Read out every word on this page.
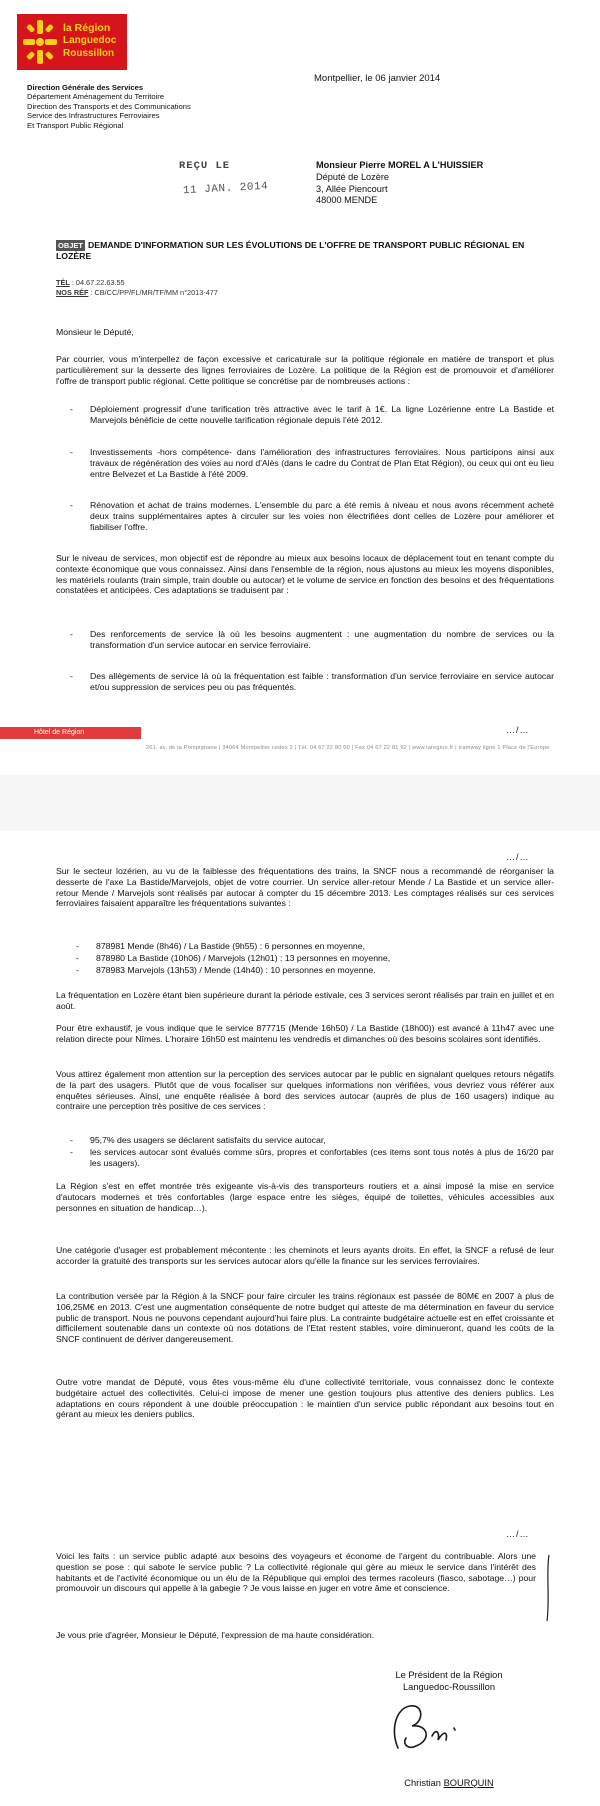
la Région
Languedoc
Roussillon
Direction Générale des Services
Département Aménagement du Territoire
Direction des Transports et des Communications
Service des Infrastructures Ferroviaires
Et Transport Public Régional
Montpellier, le 06 janvier 2014
REÇU LE
11 JAN. 2014
Monsieur Pierre MOREL A L'HUISSIER
Député de Lozère
3, Allée Piencourt
48000 MENDE
OBJET DEMANDE D'INFORMATION SUR LES ÉVOLUTIONS DE L'OFFRE DE TRANSPORT PUBLIC RÉGIONAL EN LOZÈRE
TÉL : 04.67.22.63.55
NOS RÉF : CB/CC/PP/FL/MR/TF/MM n°2013-477
Monsieur le Député,
Par courrier, vous m'interpellez de façon excessive et caricaturale sur la politique régionale en matière de transport et plus particulièrement sur la desserte des lignes ferroviaires de Lozère. La politique de la Région est de promouvoir et d'améliorer l'offre de transport public régional. Cette politique se concrétise par de nombreuses actions :
- Déploiement progressif d'une tarification très attractive avec le tarif à 1€. La ligne Lozérienne entre La Bastide et Marvejols bénéficie de cette nouvelle tarification régionale depuis l'été 2012.
- Investissements -hors compétence- dans l'amélioration des infrastructures ferroviaires. Nous participons ainsi aux travaux de régénération des voies au nord d'Alès (dans le cadre du Contrat de Plan Etat Région), ou ceux qui ont eu lieu entre Belvezet et La Bastide à l'été 2009.
- Rénovation et achat de trains modernes. L'ensemble du parc a été remis à niveau et nous avons récemment acheté deux trains supplémentaires aptes à circuler sur les voies non électrifiées dont celles de Lozère pour améliorer et fiabiliser l'offre.
Sur le niveau de services, mon objectif est de répondre au mieux aux besoins locaux de déplacement tout en tenant compte du contexte économique que vous connaissez. Ainsi dans l'ensemble de la région, nous ajustons au mieux les moyens disponibles, les matériels roulants (train simple, train double ou autocar) et le volume de service en fonction des besoins et des fréquentations constatées et anticipées. Ces adaptations se traduisent par :
- Des renforcements de service là où les besoins augmentent : une augmentation du nombre de services ou la transformation d'un service autocar en service ferroviaire.
- Des allègements de service là où la fréquentation est faible : transformation d'un service ferroviaire en service autocar et/ou suppression de services peu ou pas fréquentés.
…/…
Hôtel de Région
201, av. de la Pompignane | 34064 Montpellier cedex 2 | Tél. 04 67 22 80 00 | Fax 04 67 22 81 92 | www.laregion.fr | tramway ligne 1 Place de l'Europe
…/…
Sur le secteur lozérien, au vu de la faiblesse des fréquentations des trains, la SNCF nous a recommandé de réorganiser la desserte de l'axe La Bastide/Marvejols, objet de votre courrier. Un service aller-retour Mende / La Bastide et un service aller-retour Mende / Marvejols sont réalisés par autocar à compter du 15 décembre 2013. Les comptages réalisés sur ces services ferroviaires faisaient apparaître les fréquentations suivantes :
- 878981 Mende (8h46) / La Bastide (9h55) : 6 personnes en moyenne,
- 878980 La Bastide (10h06) / Marvejols (12h01) : 13 personnes en moyenne,
- 878983 Marvejols (13h53) / Mende (14h40) : 10 personnes en moyenne.
La fréquentation en Lozère étant bien supérieure durant la période estivale, ces 3 services seront réalisés par train en juillet et en août.
Pour être exhaustif, je vous indique que le service 877715 (Mende 16h50) / La Bastide (18h00)) est avancé à 11h47 avec une relation directe pour Nîmes. L'horaire 16h50 est maintenu les vendredis et dimanches où des besoins scolaires sont identifiés.
Vous attirez également mon attention sur la perception des services autocar par le public en signalant quelques retours négatifs de la part des usagers. Plutôt que de vous focaliser sur quelques informations non vérifiées, vous devriez vous référer aux enquêtes sérieuses. Ainsi, une enquête réalisée à bord des services autocar (auprès de plus de 160 usagers) indique au contraire une perception très positive de ces services :
- 95,7% des usagers se déclarent satisfaits du service autocar,
- les services autocar sont évalués comme sûrs, propres et confortables (ces items sont tous notés à plus de 16/20 par les usagers).
La Région s'est en effet montrée très exigeante vis-à-vis des transporteurs routiers et a ainsi imposé la mise en service d'autocars modernes et très confortables (large espace entre les sièges, équipé de toilettes, véhicules accessibles aux personnes en situation de handicap…).
Une catégorie d'usager est probablement mécontente : les cheminots et leurs ayants droits. En effet, la SNCF a refusé de leur accorder la gratuité des transports sur les services autocar alors qu'elle la finance sur les services ferroviaires.
La contribution versée par la Région à la SNCF pour faire circuler les trains régionaux est passée de 80M€ en 2007 à plus de 106,25M€ en 2013. C'est une augmentation conséquente de notre budget qui atteste de ma détermination en faveur du service public de transport. Nous ne pouvons cependant aujourd'hui faire plus. La contrainte budgétaire actuelle est en effet croissante et difficilement soutenable dans un contexte où nos dotations de l'Etat restent stables, voire diminueront, quand les coûts de la SNCF continuent de dériver dangereusement.
Outre votre mandat de Député, vous êtes vous-même élu d'une collectivité territoriale, vous connaissez donc le contexte budgétaire actuel des collectivités. Celui-ci impose de mener une gestion toujours plus attentive des deniers publics. Les adaptations en cours répondent à une double préoccupation : le maintien d'un service public répondant aux besoins tout en gérant au mieux les deniers publics.
…/…
Voici les faits : un service public adapté aux besoins des voyageurs et économe de l'argent du contribuable. Alors une question se pose : qui sabote le service public ? La collectivité régionale qui gère au mieux le service dans l'intérêt des habitants et de l'activité économique ou un élu de la République qui emploi des termes racoleurs (fiasco, sabotage…) pour promouvoir un discours qui appelle à la gabegie ? Je vous laisse en juger en votre âme et conscience.
Je vous prie d'agréer, Monsieur le Député, l'expression de ma haute considération.
Le Président de la Région
Languedoc-Roussillon
Christian BOURQUIN
